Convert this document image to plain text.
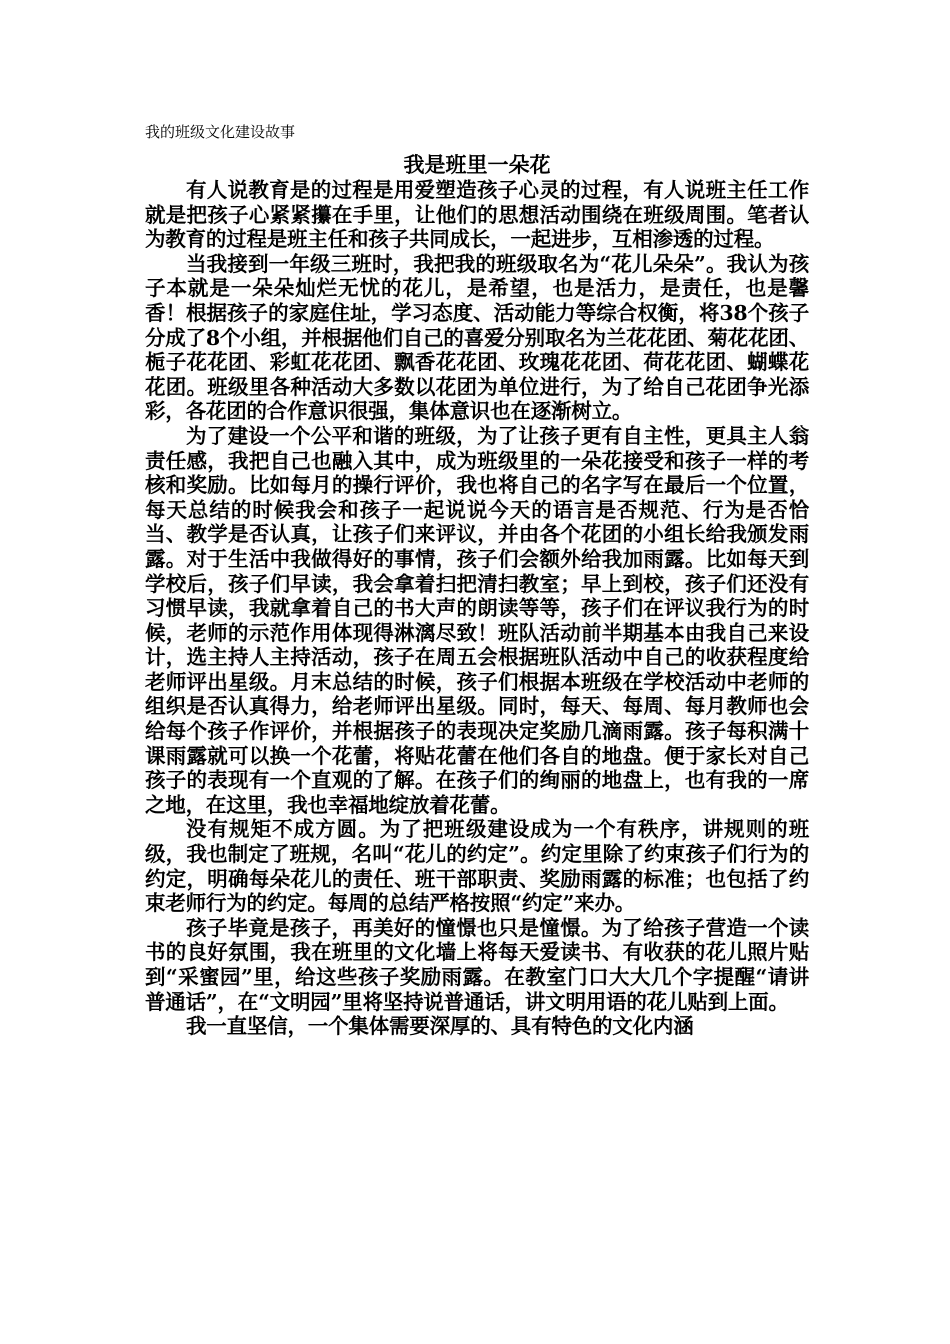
我的班级文化建设故事
我是班里一朵花

有人说教育是的过程是用爱塑造孩子心灵的过程，有人说班主任工作就是把孩子心紧紧攥在手里，让他们的思想活动围绕在班级周围。笔者认为教育的过程是班主任和孩子共同成长，一起进步，互相渗透的过程。

当我接到一年级三班时，我把我的班级取名为“花儿朵朵”。我认为孩子本就是一朵朵灿烂无忧的花儿，是希望，也是活力，是责任，也是馨香！根据孩子的家庭住址，学习态度、活动能力等综合权衡，将38个孩子分成了8个小组，并根据他们自己的喜爱分别取名为兰花花团、菊花花团、栀子花花团、彩虹花花团、飘香花花团、玫瑰花花团、荷花花团、蝴蝶花花团。班级里各种活动大多数以花团为单位进行，为了给自己花团争光添彩，各花团的合作意识很强，集体意识也在逐渐树立。

为了建设一个公平和谐的班级，为了让孩子更有自主性，更具主人翁责任感，我把自己也融入其中，成为班级里的一朵花接受和孩子一样的考核和奖励。比如每月的操行评价，我也将自己的名字写在最后一个位置，每天总结的时候我会和孩子一起说说今天的语言是否规范、行为是否恰当、教学是否认真，让孩子们来评议，并由各个花团的小组长给我颁发雨露。对于生活中我做得好的事情，孩子们会额外给我加雨露。比如每天到学校后，孩子们早读，我会拿着扫把清扫教室；早上到校，孩子们还没有习惯早读，我就拿着自己的书大声的朗读等等，孩子们在评议我行为的时候，老师的示范作用体现得淋漓尽致！班队活动前半期基本由我自己来设计，选主持人主持活动，孩子在周五会根据班队活动中自己的收获程度给老师评出星级。月末总结的时候，孩子们根据本班级在学校活动中老师的组织是否认真得力，给老师评出星级。同时，每天、每周、每月教师也会给每个孩子作评价，并根据孩子的表现决定奖励几滴雨露。孩子每积满十课雨露就可以换一个花蕾，将贴花蕾在他们各自的地盘。便于家长对自己孩子的表现有一个直观的了解。在孩子们的绚丽的地盘上，也有我的一席之地，在这里，我也幸福地绽放着花蕾。

没有规矩不成方圆。为了把班级建设成为一个有秩序，讲规则的班级，我也制定了班规，名叫“花儿的约定”。约定里除了约束孩子们行为的约定，明确每朵花儿的责任、班干部职责、奖励雨露的标准；也包括了约束老师行为的约定。每周的总结严格按照“约定”来办。

孩子毕竟是孩子，再美好的憧憬也只是憧憬。为了给孩子营造一个读书的良好氛围，我在班里的文化墙上将每天爱读书、有收获的花儿照片贴到“采蜜园”里，给这些孩子奖励雨露。在教室门口大大几个字提醒“请讲普通话”，在“文明园”里将坚持说普通话，讲文明用语的花儿贴到上面。

我一直坚信，一个集体需要深厚的、具有特色的文化内涵
